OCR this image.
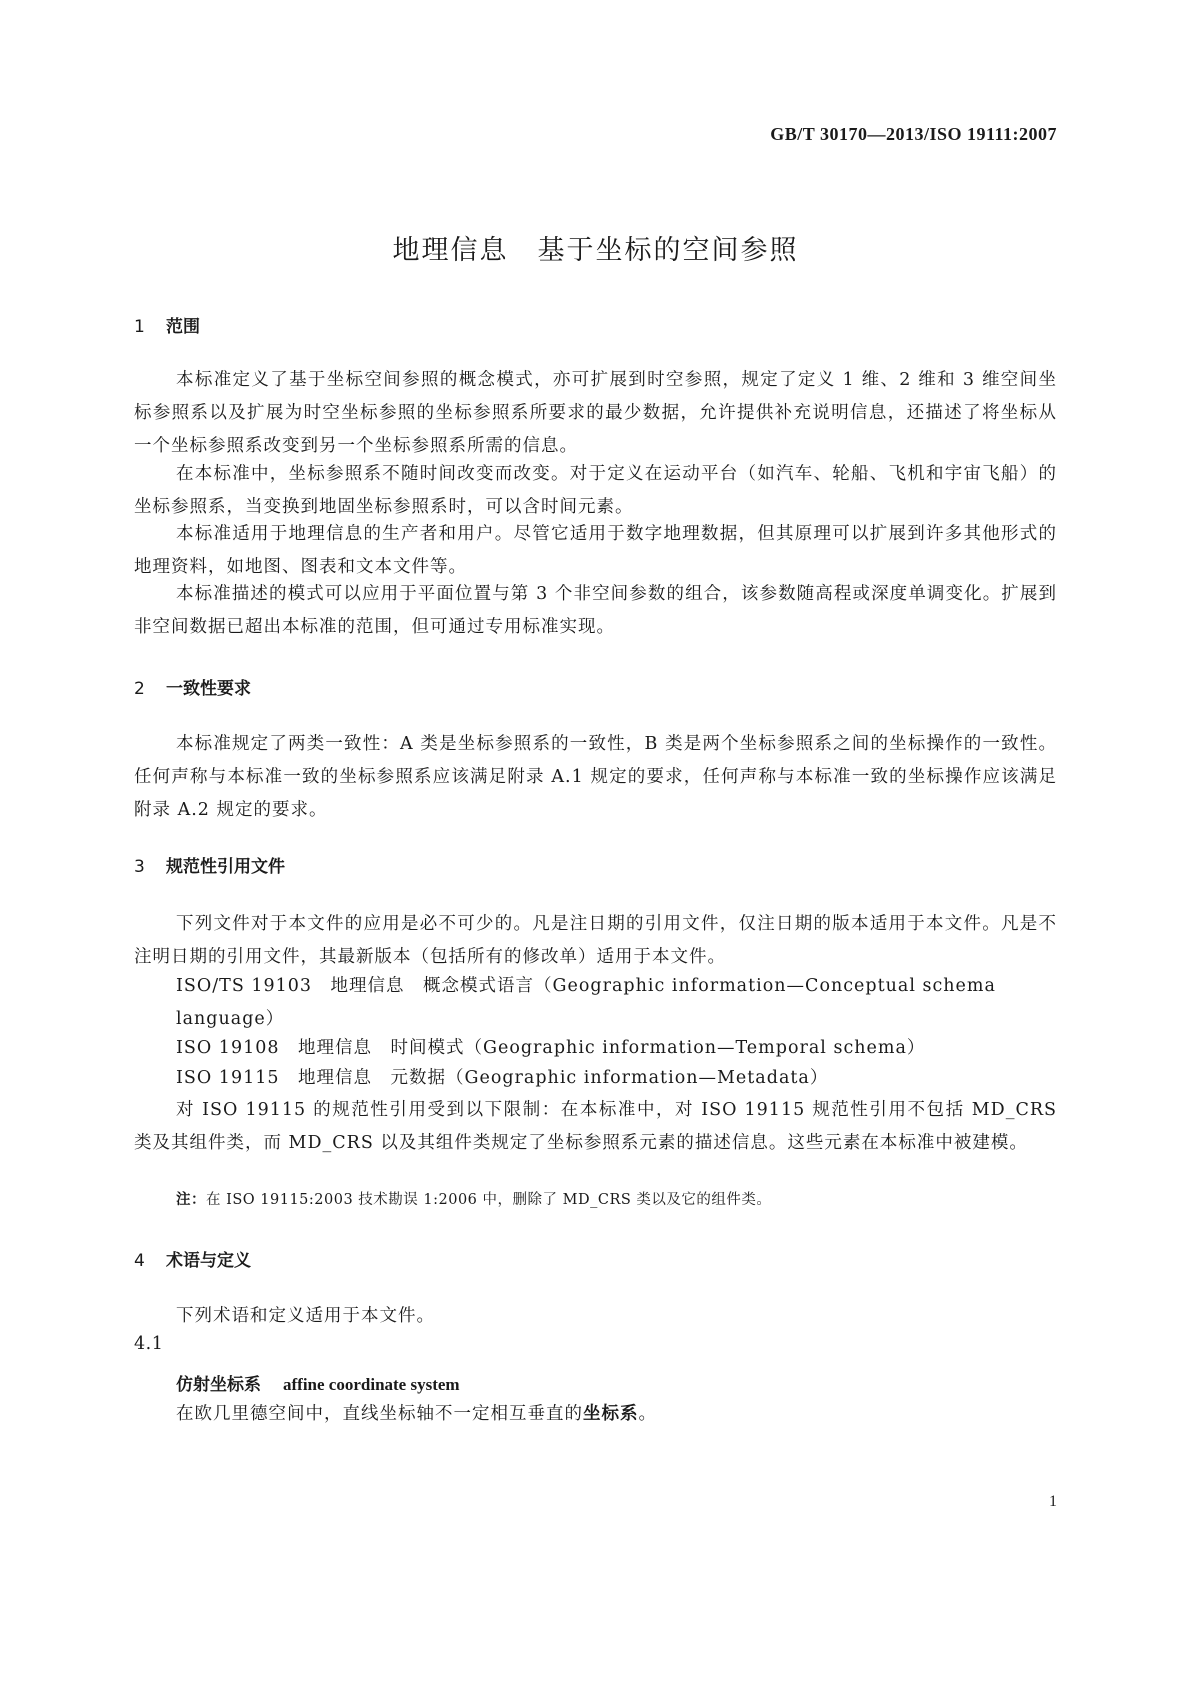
GB/T 30170—2013/ISO 19111:2007
地理信息　基于坐标的空间参照
1 范围
本标准定义了基于坐标空间参照的概念模式，亦可扩展到时空参照，规定了定义 1 维、2 维和 3 维空间坐标参照系以及扩展为时空坐标参照的坐标参照系所要求的最少数据，允许提供补充说明信息，还描述了将坐标从一个坐标参照系改变到另一个坐标参照系所需的信息。
在本标准中，坐标参照系不随时间改变而改变。对于定义在运动平台（如汽车、轮船、飞机和宇宙飞船）的坐标参照系，当变换到地固坐标参照系时，可以含时间元素。
本标准适用于地理信息的生产者和用户。尽管它适用于数字地理数据，但其原理可以扩展到许多其他形式的地理资料，如地图、图表和文本文件等。
本标准描述的模式可以应用于平面位置与第 3 个非空间参数的组合，该参数随高程或深度单调变化。扩展到非空间数据已超出本标准的范围，但可通过专用标准实现。
2 一致性要求
本标准规定了两类一致性：A 类是坐标参照系的一致性，B 类是两个坐标参照系之间的坐标操作的一致性。任何声称与本标准一致的坐标参照系应该满足附录 A.1 规定的要求，任何声称与本标准一致的坐标操作应该满足附录 A.2 规定的要求。
3 规范性引用文件
下列文件对于本文件的应用是必不可少的。凡是注日期的引用文件，仅注日期的版本适用于本文件。凡是不注明日期的引用文件，其最新版本（包括所有的修改单）适用于本文件。
ISO/TS 19103　地理信息　概念模式语言（Geographic information—Conceptual schema language）
ISO 19108　地理信息　时间模式（Geographic information—Temporal schema）
ISO 19115　地理信息　元数据（Geographic information—Metadata）
对 ISO 19115 的规范性引用受到以下限制：在本标准中，对 ISO 19115 规范性引用不包括 MD_CRS 类及其组件类，而 MD_CRS 以及其组件类规定了坐标参照系元素的描述信息。这些元素在本标准中被建模。
注：在 ISO 19115:2003 技术勘误 1:2006 中，删除了 MD_CRS 类以及它的组件类。
4 术语与定义
下列术语和定义适用于本文件。
4.1
仿射坐标系 affine coordinate system
在欧几里德空间中，直线坐标轴不一定相互垂直的坐标系。
1
